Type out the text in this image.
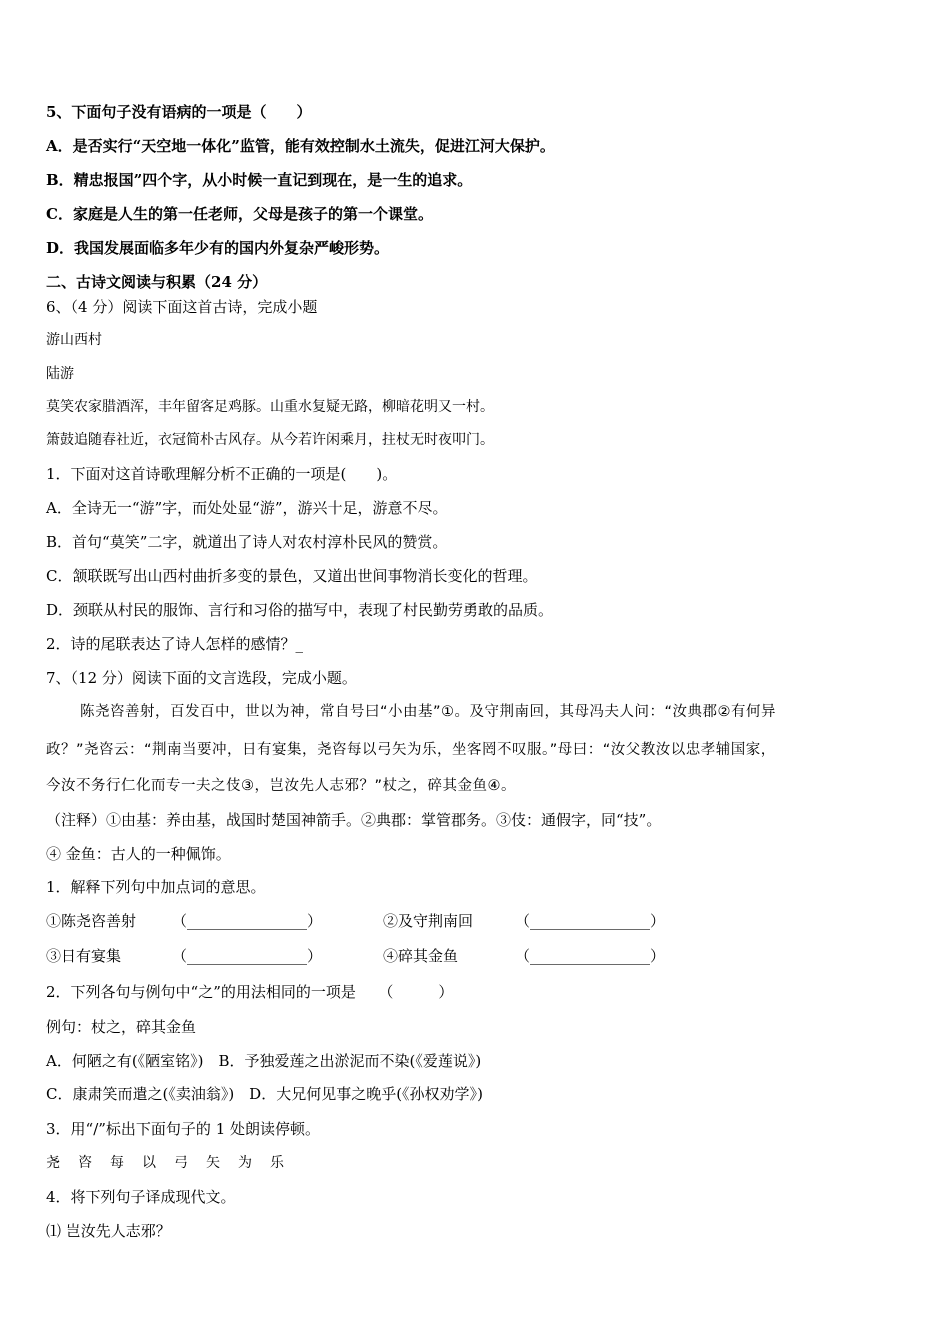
5、下面句子没有语病的一项是（　　）
A．是否实行“天空地一体化”监管，能有效控制水土流失，促进江河大保护。
B．精忠报国”四个字，从小时候一直记到现在，是一生的追求。
C．家庭是人生的第一任老师，父母是孩子的第一个课堂。
D．我国发展面临多年少有的国内外复杂严峻形势。
二、古诗文阅读与积累（24 分）
6、（4 分）阅读下面这首古诗，完成小题
游山西村
陆游
莫笑农家腊酒浑，丰年留客足鸡豚。山重水复疑无路，柳暗花明又一村。
箫鼓追随春社近，衣冠简朴古风存。从今若许闲乘月，拄杖无时夜叩门。
1．下面对这首诗歌理解分析不正确的一项是(　　)。
A．全诗无一“游”字，而处处显“游”，游兴十足，游意不尽。
B．首句“莫笑”二字，就道出了诗人对农村淳朴民风的赞赏。
C．颔联既写出山西村曲折多变的景色，又道出世间事物消长变化的哲理。
D．颈联从村民的服饰、言行和习俗的描写中，表现了村民勤劳勇敢的品质。
2．诗的尾联表达了诗人怎样的感情？_
7、（12 分）阅读下面的文言选段，完成小题。
陈尧咨善射，百发百中，世以为神，常自号曰“小由基”①。及守荆南回，其母冯夫人问：“汝典郡②有何异
政？”尧咨云：“荆南当要冲，日有宴集，尧咨每以弓矢为乐，坐客罔不叹服。”母曰：“汝父教汝以忠孝辅国家，
今汝不务行仁化而专一夫之伎③，岂汝先人志邪？”杖之，碎其金鱼④。
（注释）①由基：养由基，战国时楚国神箭手。②典郡：掌管郡务。③伎：通假字，同“技”。
④ 金鱼：古人的一种佩饰。
1．解释下列句中加点词的意思。
①陈尧咨善射 （________________）	②及守荆南回	（________________）
③日有宴集	（________________）	④碎其金鱼	（________________）
2．下列各句与例句中“之”的用法相同的一项是　　（　　　）
例句：杖之，碎其金鱼
A．何陋之有(《陋室铭》)　B．予独爱莲之出淤泥而不染(《爱莲说》)
C．康肃笑而遣之(《卖油翁》)　D．大兄何见事之晚乎(《孙权劝学》)
3．用“/”标出下面句子的 1 处朗读停顿。
尧咨每以弓矢为乐
4．将下列句子译成现代文。
⑴ 岂汝先人志邪？
